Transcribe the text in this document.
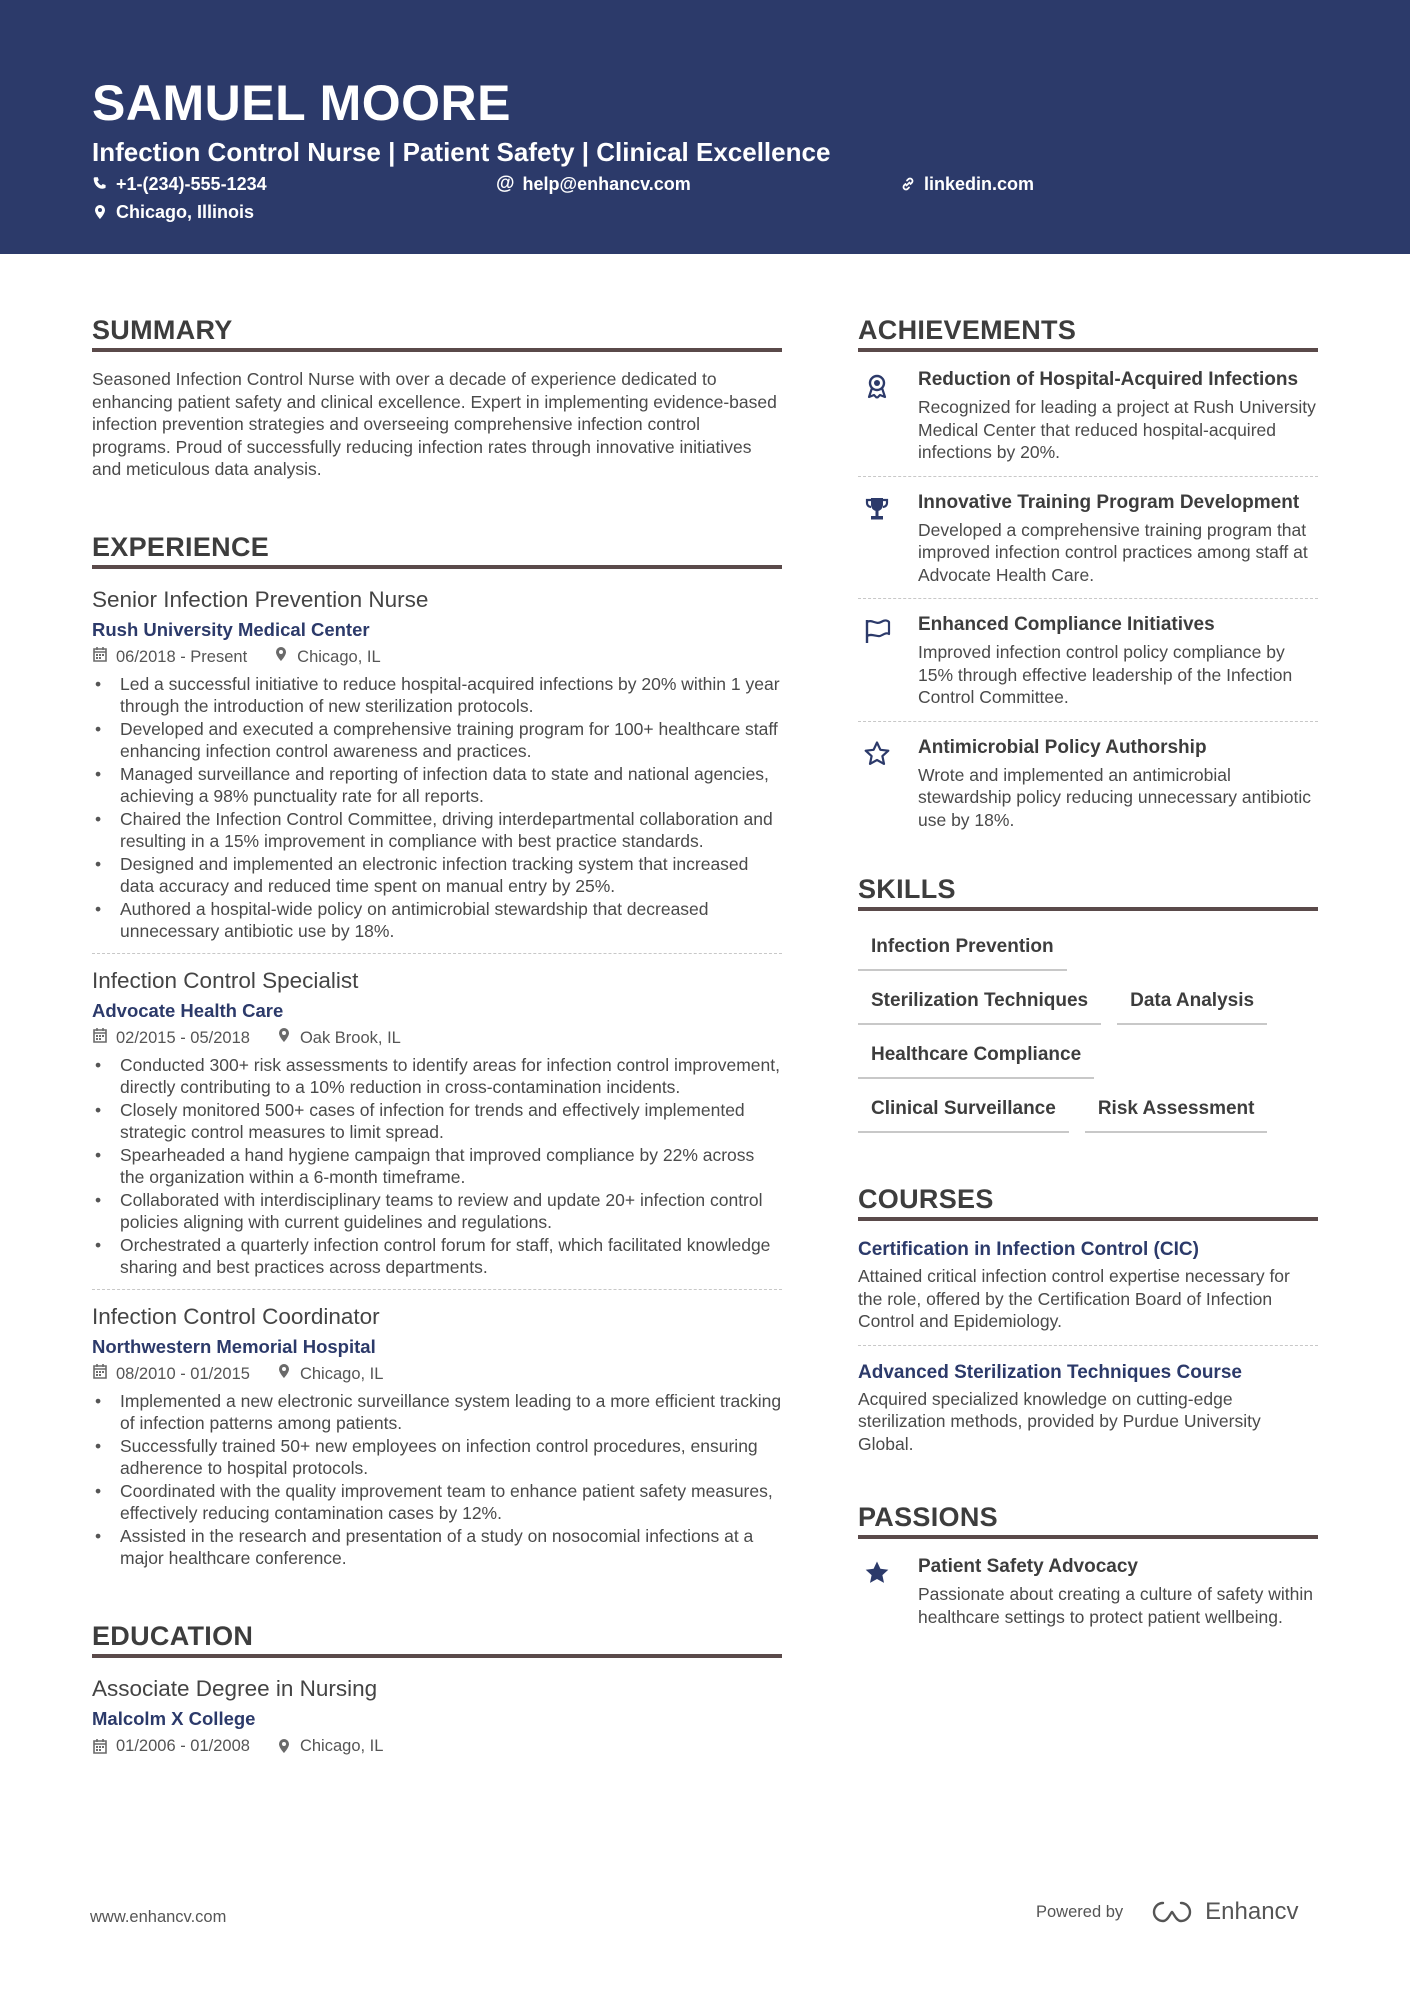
SAMUEL MOORE
Infection Control Nurse | Patient Safety | Clinical Excellence
+1-(234)-555-1234	@ help@enhancv.com	linkedin.com
Chicago, Illinois
SUMMARY
Seasoned Infection Control Nurse with over a decade of experience dedicated to enhancing patient safety and clinical excellence. Expert in implementing evidence-based infection prevention strategies and overseeing comprehensive infection control programs. Proud of successfully reducing infection rates through innovative initiatives and meticulous data analysis.
EXPERIENCE
Senior Infection Prevention Nurse
Rush University Medical Center
06/2018 - Present	Chicago, IL
• Led a successful initiative to reduce hospital-acquired infections by 20% within 1 year through the introduction of new sterilization protocols.
• Developed and executed a comprehensive training program for 100+ healthcare staff enhancing infection control awareness and practices.
• Managed surveillance and reporting of infection data to state and national agencies, achieving a 98% punctuality rate for all reports.
• Chaired the Infection Control Committee, driving interdepartmental collaboration and resulting in a 15% improvement in compliance with best practice standards.
• Designed and implemented an electronic infection tracking system that increased data accuracy and reduced time spent on manual entry by 25%.
• Authored a hospital-wide policy on antimicrobial stewardship that decreased unnecessary antibiotic use by 18%.
Infection Control Specialist
Advocate Health Care
02/2015 - 05/2018	Oak Brook, IL
• Conducted 300+ risk assessments to identify areas for infection control improvement, directly contributing to a 10% reduction in cross-contamination incidents.
• Closely monitored 500+ cases of infection for trends and effectively implemented strategic control measures to limit spread.
• Spearheaded a hand hygiene campaign that improved compliance by 22% across the organization within a 6-month timeframe.
• Collaborated with interdisciplinary teams to review and update 20+ infection control policies aligning with current guidelines and regulations.
• Orchestrated a quarterly infection control forum for staff, which facilitated knowledge sharing and best practices across departments.
Infection Control Coordinator
Northwestern Memorial Hospital
08/2010 - 01/2015	Chicago, IL
• Implemented a new electronic surveillance system leading to a more efficient tracking of infection patterns among patients.
• Successfully trained 50+ new employees on infection control procedures, ensuring adherence to hospital protocols.
• Coordinated with the quality improvement team to enhance patient safety measures, effectively reducing contamination cases by 12%.
• Assisted in the research and presentation of a study on nosocomial infections at a major healthcare conference.
EDUCATION
Associate Degree in Nursing
Malcolm X College
01/2006 - 01/2008	Chicago, IL
ACHIEVEMENTS
Reduction of Hospital-Acquired Infections
Recognized for leading a project at Rush University Medical Center that reduced hospital-acquired infections by 20%.
Innovative Training Program Development
Developed a comprehensive training program that improved infection control practices among staff at Advocate Health Care.
Enhanced Compliance Initiatives
Improved infection control policy compliance by 15% through effective leadership of the Infection Control Committee.
Antimicrobial Policy Authorship
Wrote and implemented an antimicrobial stewardship policy reducing unnecessary antibiotic use by 18%.
SKILLS
Infection Prevention
Sterilization Techniques	Data Analysis
Healthcare Compliance
Clinical Surveillance	Risk Assessment
COURSES
Certification in Infection Control (CIC)
Attained critical infection control expertise necessary for the role, offered by the Certification Board of Infection Control and Epidemiology.
Advanced Sterilization Techniques Course
Acquired specialized knowledge on cutting-edge sterilization methods, provided by Purdue University Global.
PASSIONS
Patient Safety Advocacy
Passionate about creating a culture of safety within healthcare settings to protect patient wellbeing.
www.enhancv.com	Powered by	Enhancv
